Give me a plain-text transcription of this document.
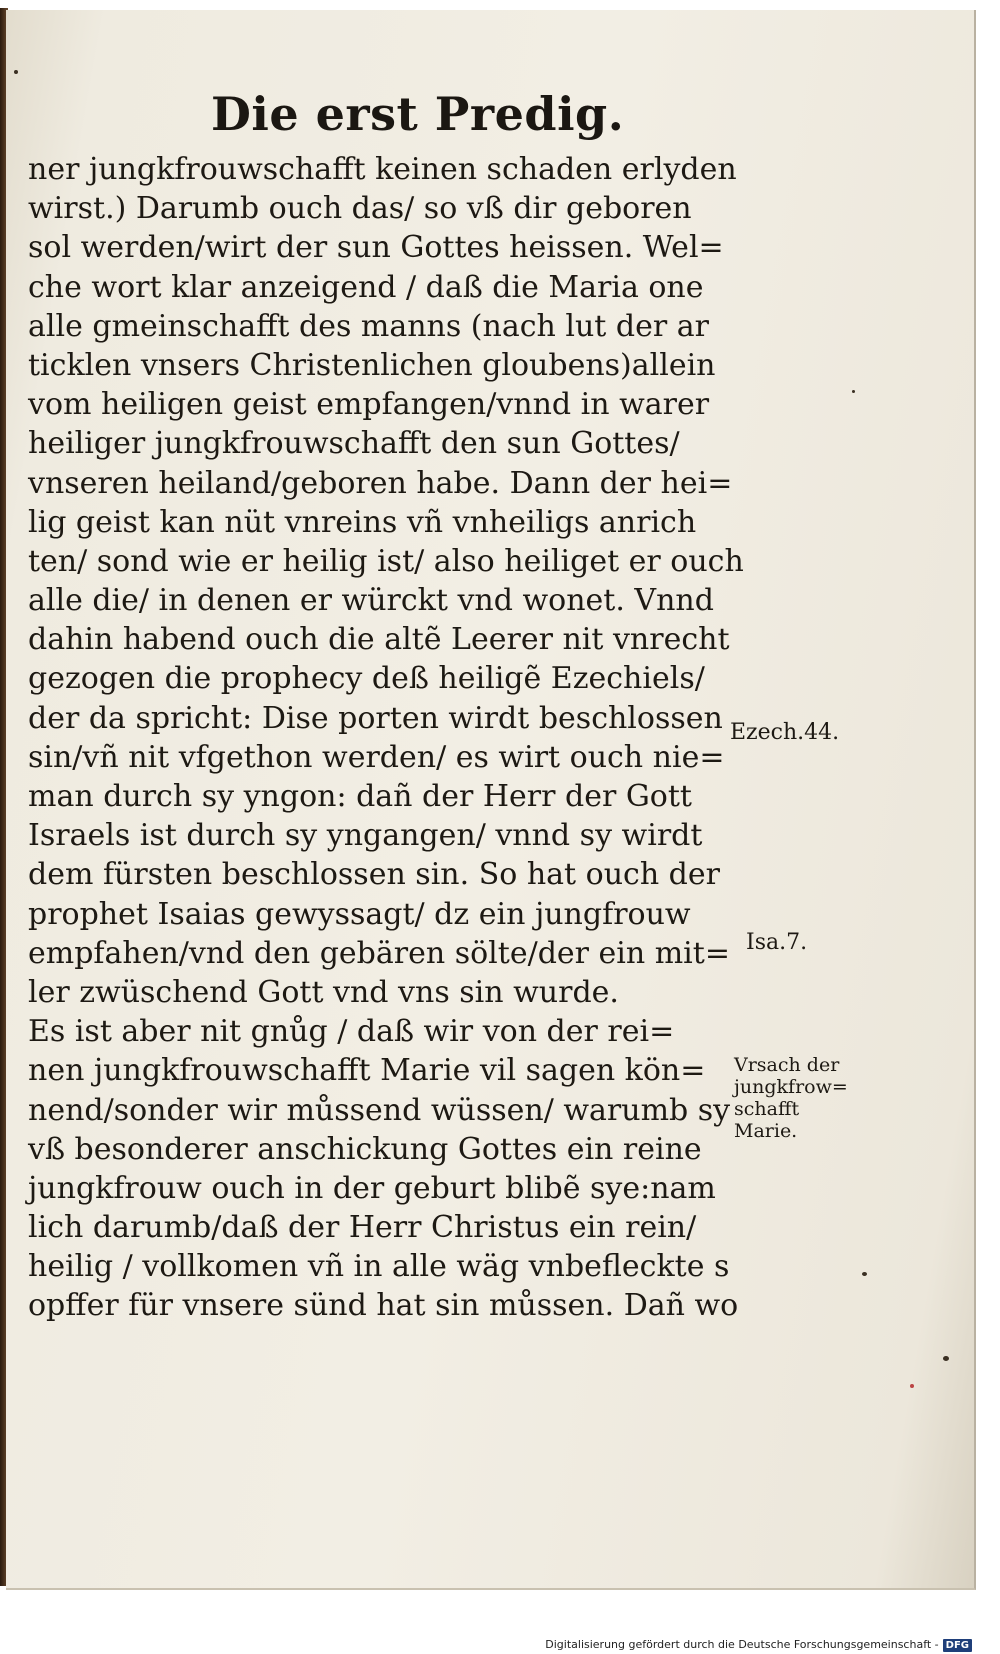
Die erst Predig.
ner jungkfrouwschafft keinen schaden erlyden
wirst.) Darumb ouch das/ so vß dir geboren
sol werden/wirt der sun Gottes heissen. Wel=
che wort klar anzeigend / daß die Maria one
alle gmeinschafft des manns (nach lut der ar
ticklen vnsers Christenlichen gloubens)allein
vom heiligen geist empfangen/vnnd in warer
heiliger jungkfrouwschafft den sun Gottes/
vnseren heiland/geboren habe. Dann der hei=
lig geist kan nüt vnreins vñ vnheiligs anrich
ten/ sond wie er heilig ist/ also heiliget er ouch
alle die/ in denen er würckt vnd wonet. Vnnd
dahin habend ouch die altẽ Leerer nit vnrecht
gezogen die prophecy deß heiligẽ Ezechiels/
der da spricht: Dise porten wirdt beschlossen
sin/vñ nit vfgethon werden/ es wirt ouch nie=
man durch sy yngon: dañ der Herr der Gott
Israels ist durch sy yngangen/ vnnd sy wirdt
dem fürsten beschlossen sin. So hat ouch der
prophet Isaias gewyssagt/ dz ein jungfrouw
empfahen/vnd den gebären sölte/der ein mit=
ler zwüschend Gott vnd vns sin wurde.
Es ist aber nit gnůg / daß wir von der rei=
nen jungkfrouwschafft Marie vil sagen kön=
nend/sonder wir můssend wüssen/ warumb sy
vß besonderer anschickung Gottes ein reine
jungkfrouw ouch in der geburt blibẽ sye:nam
lich darumb/daß der Herr Christus ein rein/
heilig / vollkomen vñ in alle wäg vnbefleckte s
opffer für vnsere sünd hat sin můssen. Dañ wo
Ezech.44.
Isa.7.
Vrsach der
jungkfrow=
schafft
Marie.
Digitalisierung gefördert durch die Deutsche Forschungsgemeinschaft - DFG
